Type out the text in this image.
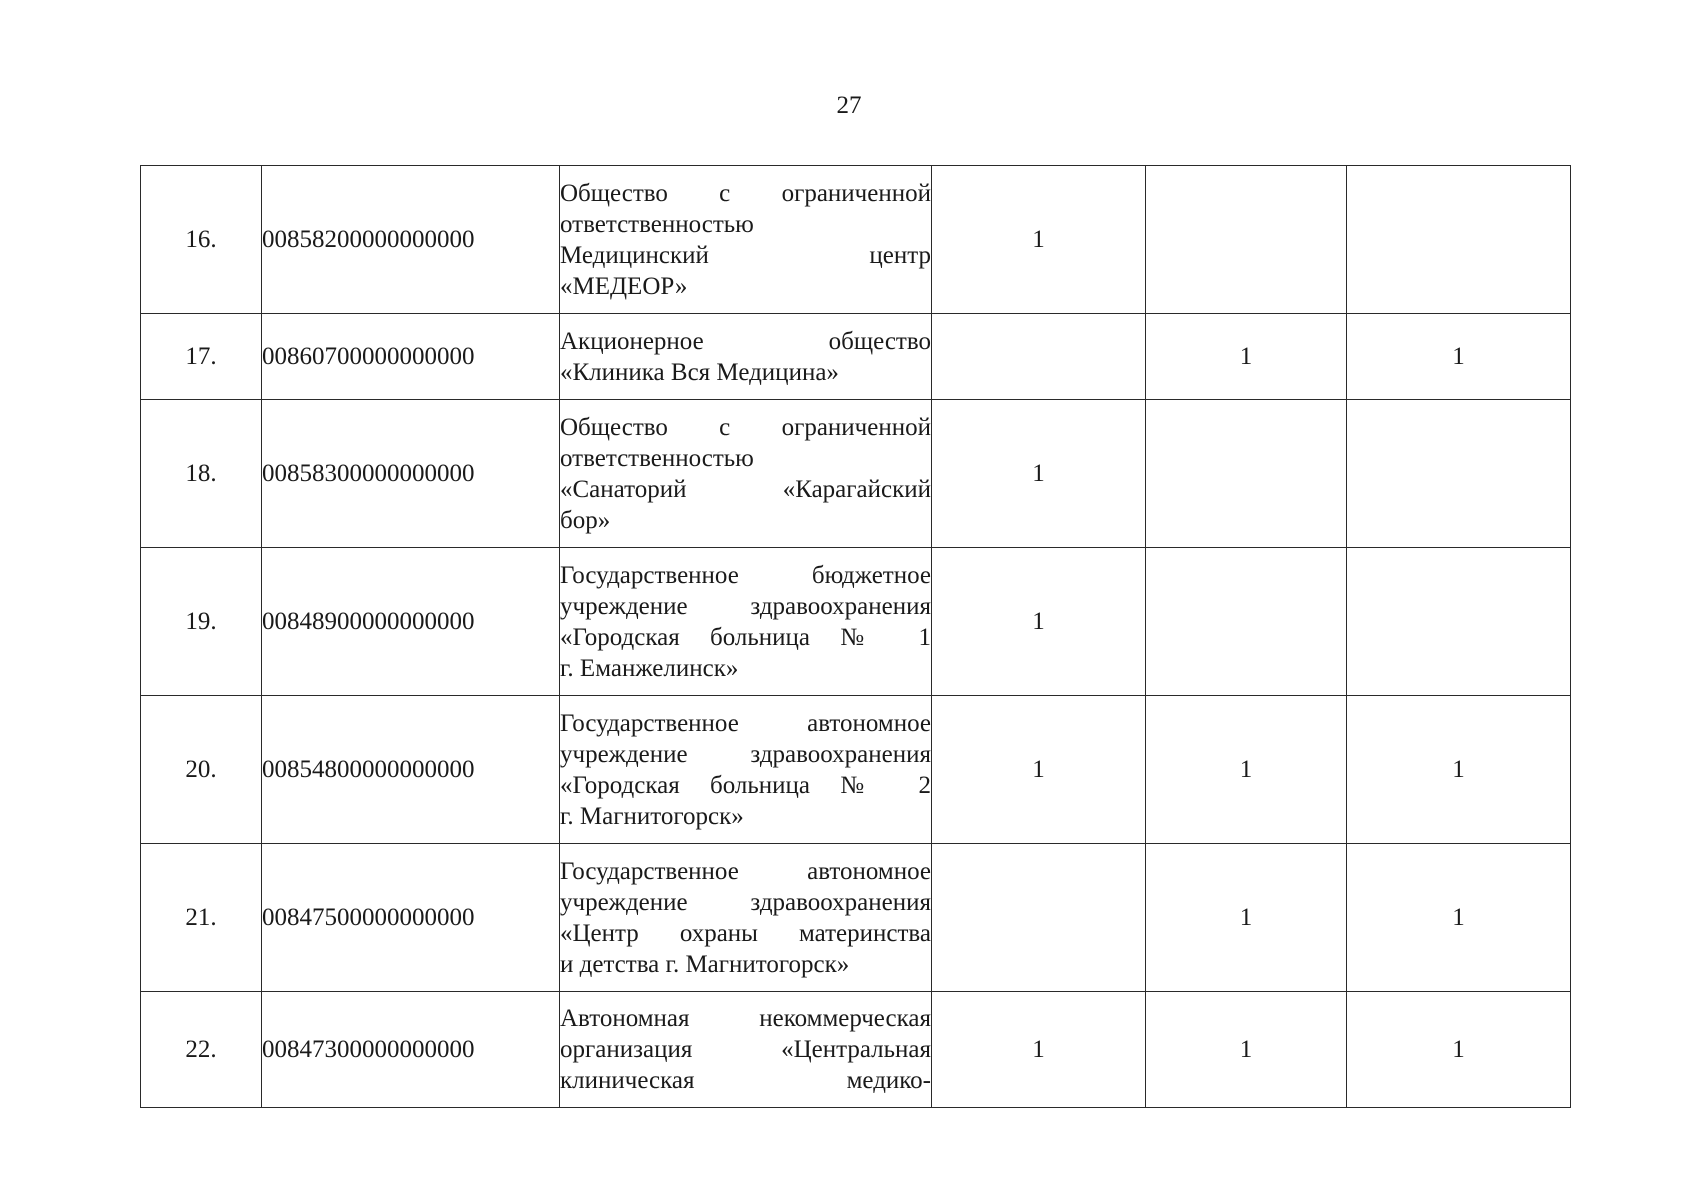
27
16.	00858200000000000	Общество с ограниченной
ответственностью
Медицинский центр
«МЕДЕОР»	1		
17.	00860700000000000	Акционерное общество
«Клиника Вся Медицина»		1	1
18.	00858300000000000	Общество с ограниченной
ответственностью
«Санаторий «Карагайский
бор»	1		
19.	00848900000000000	Государственное бюджетное
учреждение здравоохранения
«Городская больница № 1
г. Еманжелинск»	1		
20.	00854800000000000	Государственное автономное
учреждение здравоохранения
«Городская больница № 2
г. Магнитогорск»	1	1	1
21.	00847500000000000	Государственное автономное
учреждение здравоохранения
«Центр охраны материнства
и детства г. Магнитогорск»		1	1
22.	00847300000000000	Автономная некоммерческая
организация «Центральная
клиническая медико-	1	1	1
